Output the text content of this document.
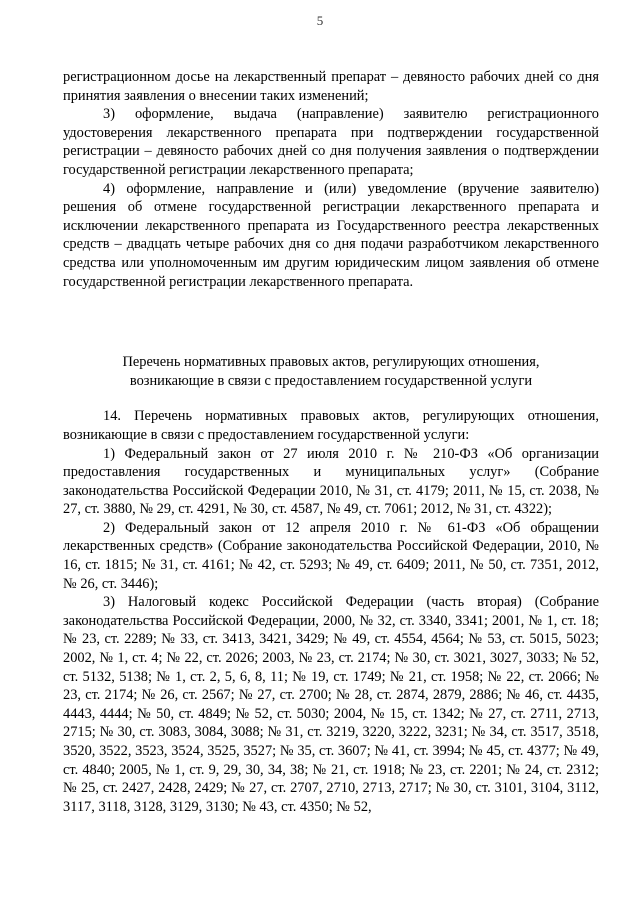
5

регистрационном досье на лекарственный препарат – девяносто рабочих дней со дня принятия заявления о внесении таких изменений;

3) оформление, выдача (направление) заявителю регистрационного удостоверения лекарственного препарата при подтверждении государственной регистрации – девяносто рабочих дней со дня получения заявления о подтверждении государственной регистрации лекарственного препарата;

4) оформление, направление и (или) уведомление (вручение заявителю) решения об отмене государственной регистрации лекарственного препарата и исключении лекарственного препарата из Государственного реестра лекарственных средств – двадцать четыре рабочих дня со дня подачи разработчиком лекарственного средства или уполномоченным им другим юридическим лицом заявления об отмене государственной регистрации лекарственного препарата.

Перечень нормативных правовых актов, регулирующих отношения,

возникающие в связи с предоставлением государственной услуги

14. Перечень нормативных правовых актов, регулирующих отношения, возникающие в связи с предоставлением государственной услуги:

1) Федеральный закон от 27 июля 2010 г. № 210-ФЗ «Об организации предоставления государственных и муниципальных услуг» (Собрание законодательства Российской Федерации 2010, № 31, ст. 4179; 2011, № 15, ст. 2038, № 27, ст. 3880, № 29, ст. 4291, № 30, ст. 4587, № 49, ст. 7061; 2012, № 31, ст. 4322);

2) Федеральный закон от 12 апреля 2010 г. № 61-ФЗ «Об обращении лекарственных средств» (Собрание законодательства Российской Федерации, 2010, № 16, ст. 1815; № 31, ст. 4161; № 42, ст. 5293; № 49, ст. 6409; 2011, № 50, ст. 7351, 2012, № 26, ст. 3446);

3) Налоговый кодекс Российской Федерации (часть вторая) (Собрание законодательства Российской Федерации, 2000, № 32, ст. 3340, 3341; 2001, № 1, ст. 18; № 23, ст. 2289; № 33, ст. 3413, 3421, 3429; № 49, ст. 4554, 4564; № 53, ст. 5015, 5023; 2002, № 1, ст. 4; № 22, ст. 2026; 2003, № 23, ст. 2174; № 30, ст. 3021, 3027, 3033; № 52, ст. 5132, 5138; № 1, ст. 2, 5, 6, 8, 11; № 19, ст. 1749; № 21, ст. 1958; № 22, ст. 2066; № 23, ст. 2174; № 26, ст. 2567; № 27, ст. 2700; № 28, ст. 2874, 2879, 2886; № 46, ст. 4435, 4443, 4444; № 50, ст. 4849; № 52, ст. 5030; 2004, № 15, ст. 1342; № 27, ст. 2711, 2713, 2715; № 30, ст. 3083, 3084, 3088; № 31, ст. 3219, 3220, 3222, 3231; № 34, ст. 3517, 3518, 3520, 3522, 3523, 3524, 3525, 3527; № 35, ст. 3607; № 41, ст. 3994; № 45, ст. 4377; № 49, ст. 4840; 2005, № 1, ст. 9, 29, 30, 34, 38; № 21, ст. 1918; № 23, ст. 2201; № 24, ст. 2312; № 25, ст. 2427, 2428, 2429; № 27, ст. 2707, 2710, 2713, 2717; № 30, ст. 3101, 3104, 3112, 3117, 3118, 3128, 3129, 3130; № 43, ст. 4350; № 52,
